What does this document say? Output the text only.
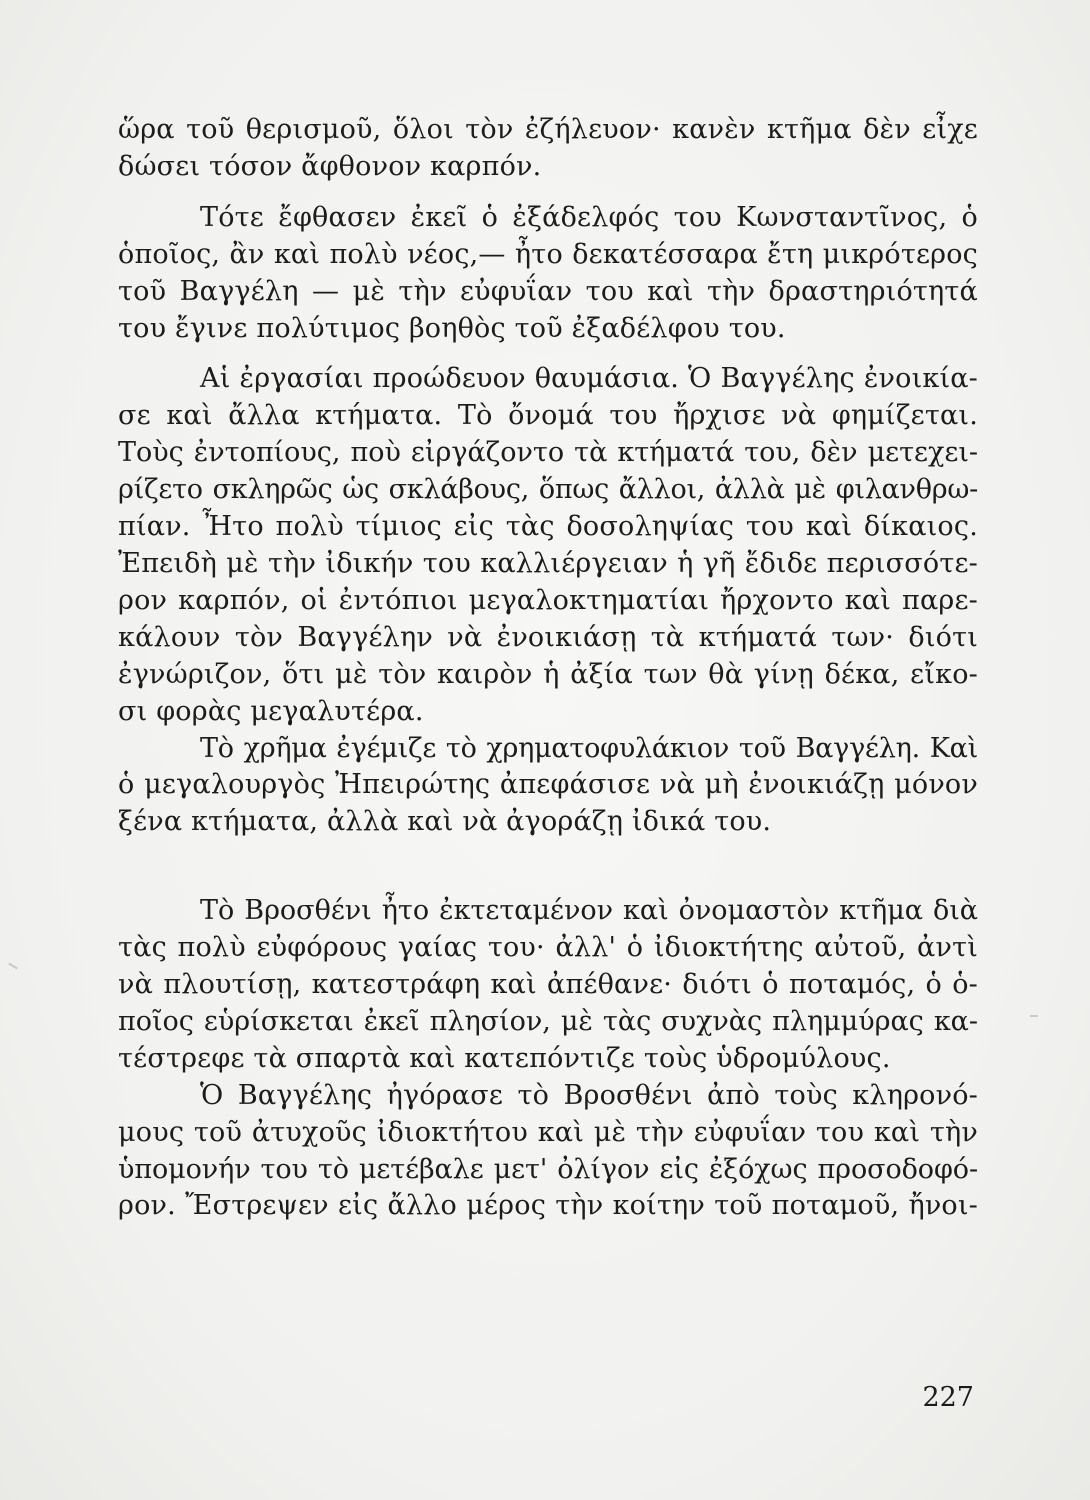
ὥρα τοῦ θερισμοῦ, ὅλοι τὸν ἐζήλευον· κανὲν κτῆμα δὲν εἶχε
δώσει τόσον ἄφθονον καρπόν.

Τότε ἔφθασεν ἐκεῖ ὁ ἐξάδελφός του Κωνσταντῖνος, ὁ
ὁποῖος, ἂν καὶ πολὺ νέος,— ἦτο δεκατέσσαρα ἔτη μικρότερος
τοῦ Βαγγέλη — μὲ τὴν εὐφυΐαν του καὶ τὴν δραστηριότητά
του ἔγινε πολύτιμος βοηθὸς τοῦ ἐξαδέλφου του.

Αἱ ἐργασίαι προώδευον θαυμάσια. Ὁ Βαγγέλης ἐνοικία-
σε καὶ ἄλλα κτήματα. Τὸ ὄνομά του ἤρχισε νὰ φημίζεται.
Τοὺς ἐντοπίους, ποὺ εἰργάζοντο τὰ κτήματά του, δὲν μετεχει-
ρίζετο σκληρῶς ὡς σκλάβους, ὅπως ἄλλοι, ἀλλὰ μὲ φιλανθρω-
πίαν. Ἦτο πολὺ τίμιος εἰς τὰς δοσοληψίας του καὶ δίκαιος.
Ἐπειδὴ μὲ τὴν ἰδικήν του καλλιέργειαν ἡ γῆ ἔδιδε περισσότε-
ρον καρπόν, οἱ ἐντόπιοι μεγαλοκτηματίαι ἤρχοντο καὶ παρε-
κάλουν τὸν Βαγγέλην νὰ ἐνοικιάσῃ τὰ κτήματά των· διότι
ἐγνώριζον, ὅτι μὲ τὸν καιρὸν ἡ ἀξία των θὰ γίνῃ δέκα, εἴκο-
σι φορὰς μεγαλυτέρα.

Τὸ χρῆμα ἐγέμιζε τὸ χρηματοφυλάκιον τοῦ Βαγγέλη. Καὶ
ὁ μεγαλουργὸς Ἠπειρώτης ἀπεφάσισε νὰ μὴ ἐνοικιάζῃ μόνον
ξένα κτήματα, ἀλλὰ καὶ νὰ ἀγοράζῃ ἰδικά του.

Τὸ Βροσθένι ἦτο ἐκτεταμένον καὶ ὀνομαστὸν κτῆμα διὰ
τὰς πολὺ εὐφόρους γαίας του· ἀλλ' ὁ ἰδιοκτήτης αὐτοῦ, ἀντὶ
νὰ πλουτίσῃ, κατεστράφη καὶ ἀπέθανε· διότι ὁ ποταμός, ὁ ὁ-
ποῖος εὑρίσκεται ἐκεῖ πλησίον, μὲ τὰς συχνὰς πλημμύρας κα-
τέστρεφε τὰ σπαρτὰ καὶ κατεπόντιζε τοὺς ὑδρομύλους.

Ὁ Βαγγέλης ἠγόρασε τὸ Βροσθένι ἀπὸ τοὺς κληρονό-
μους τοῦ ἀτυχοῦς ἰδιοκτήτου καὶ μὲ τὴν εὐφυΐαν του καὶ τὴν
ὑπομονήν του τὸ μετέβαλε μετ' ὀλίγον εἰς ἐξόχως προσοδοφό-
ρον. Ἔστρεψεν εἰς ἄλλο μέρος τὴν κοίτην τοῦ ποταμοῦ, ἤνοι-

227
